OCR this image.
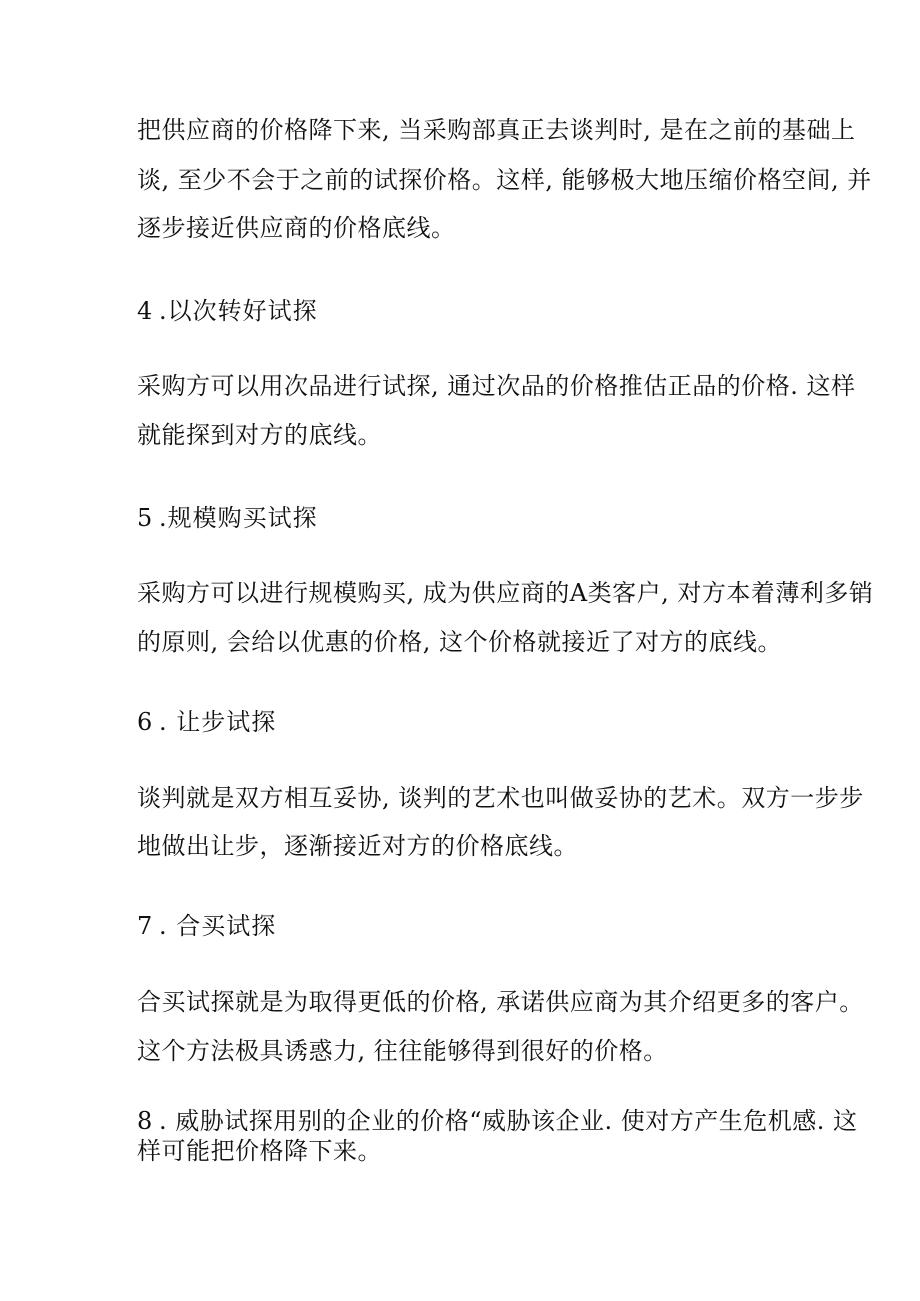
把供应商的价格降下来, 当采购部真正去谈判时, 是在之前的基础上
谈, 至少不会于之前的试探价格。这样, 能够极大地压缩价格空间, 并
逐步接近供应商的价格底线。
4 .以次转好试探
采购方可以用次品进行试探, 通过次品的价格推估正品的价格. 这样
就能探到对方的底线。
5 .规模购买试探
采购方可以进行规模购买, 成为供应商的A类客户, 对方本着薄利多销
的原则, 会给以优惠的价格, 这个价格就接近了对方的底线。
6 . 让步试探
谈判就是双方相互妥协, 谈判的艺术也叫做妥协的艺术。双方一步步
地做出让步，逐渐接近对方的价格底线。
7 . 合买试探
合买试探就是为取得更低的价格, 承诺供应商为其介绍更多的客户。
这个方法极具诱惑力, 往往能够得到很好的价格。
8 . 威胁试探用别的企业的价格“威胁该企业. 使对方产生危机感. 这
样可能把价格降下来。
